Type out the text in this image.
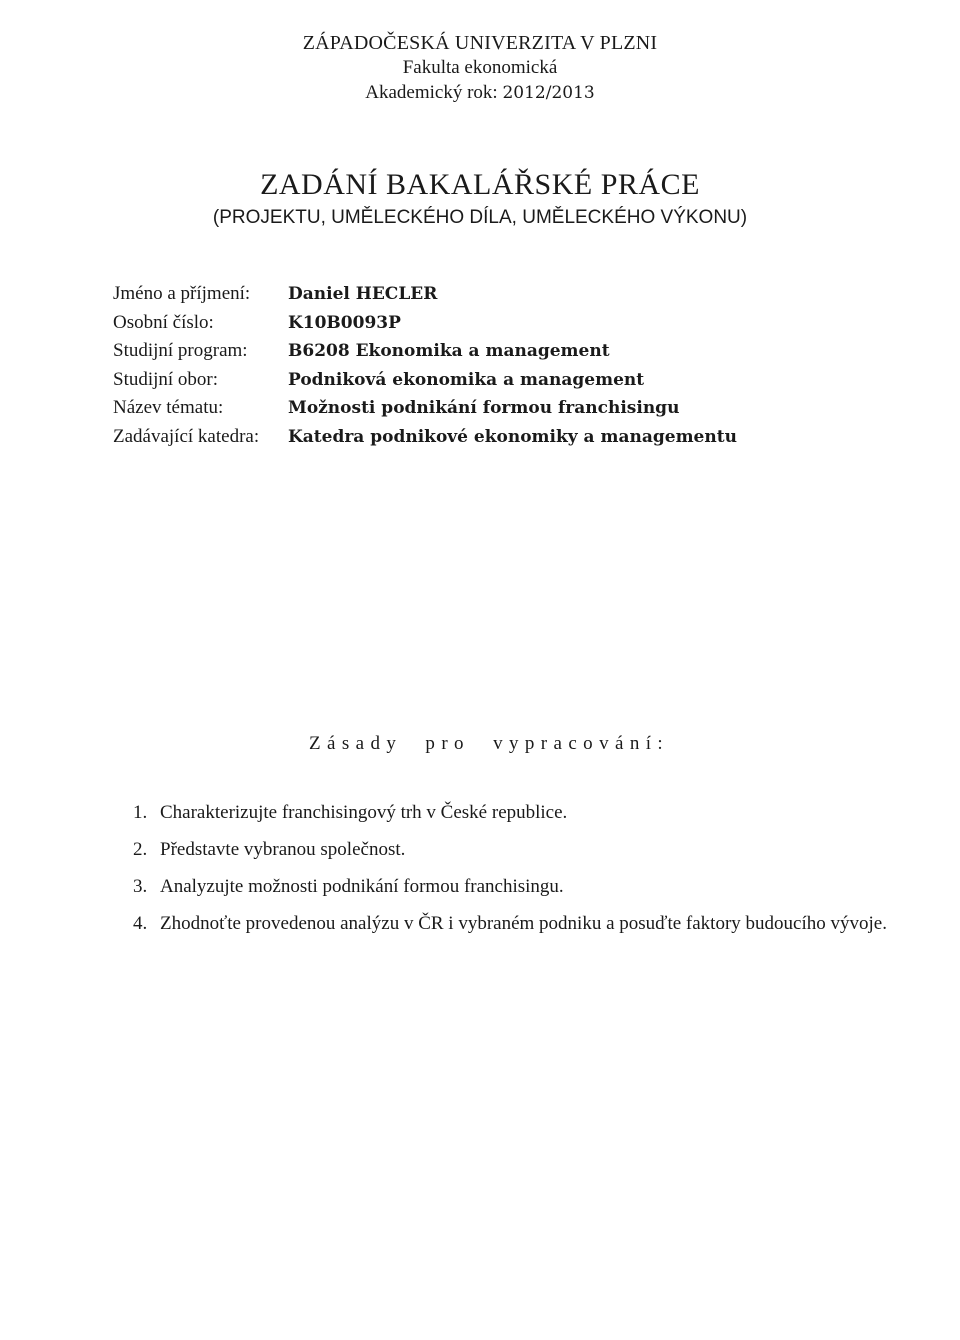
ZÁPADOČESKÁ UNIVERZITA V PLZNI
Fakulta ekonomická
Akademický rok: 2012/2013
ZADÁNÍ BAKALÁŘSKÉ PRÁCE
(PROJEKTU, UMĚLECKÉHO DÍLA, UMĚLECKÉHO VÝKONU)
Jméno a příjmení:	Daniel HECLER
Osobní číslo:	K10B0093P
Studijní program:	B6208 Ekonomika a management
Studijní obor:	Podniková ekonomika a management
Název tématu:	Možnosti podnikání formou franchisingu
Zadávající katedra:	Katedra podnikové ekonomiky a managementu
Zásady pro vypracování:
1. Charakterizujte franchisingový trh v České republice.
2. Představte vybranou společnost.
3. Analyzujte možnosti podnikání formou franchisingu.
4. Zhodnoťte provedenou analýzu v ČR i vybraném podniku a posuďte faktory budoucího vývoje.
